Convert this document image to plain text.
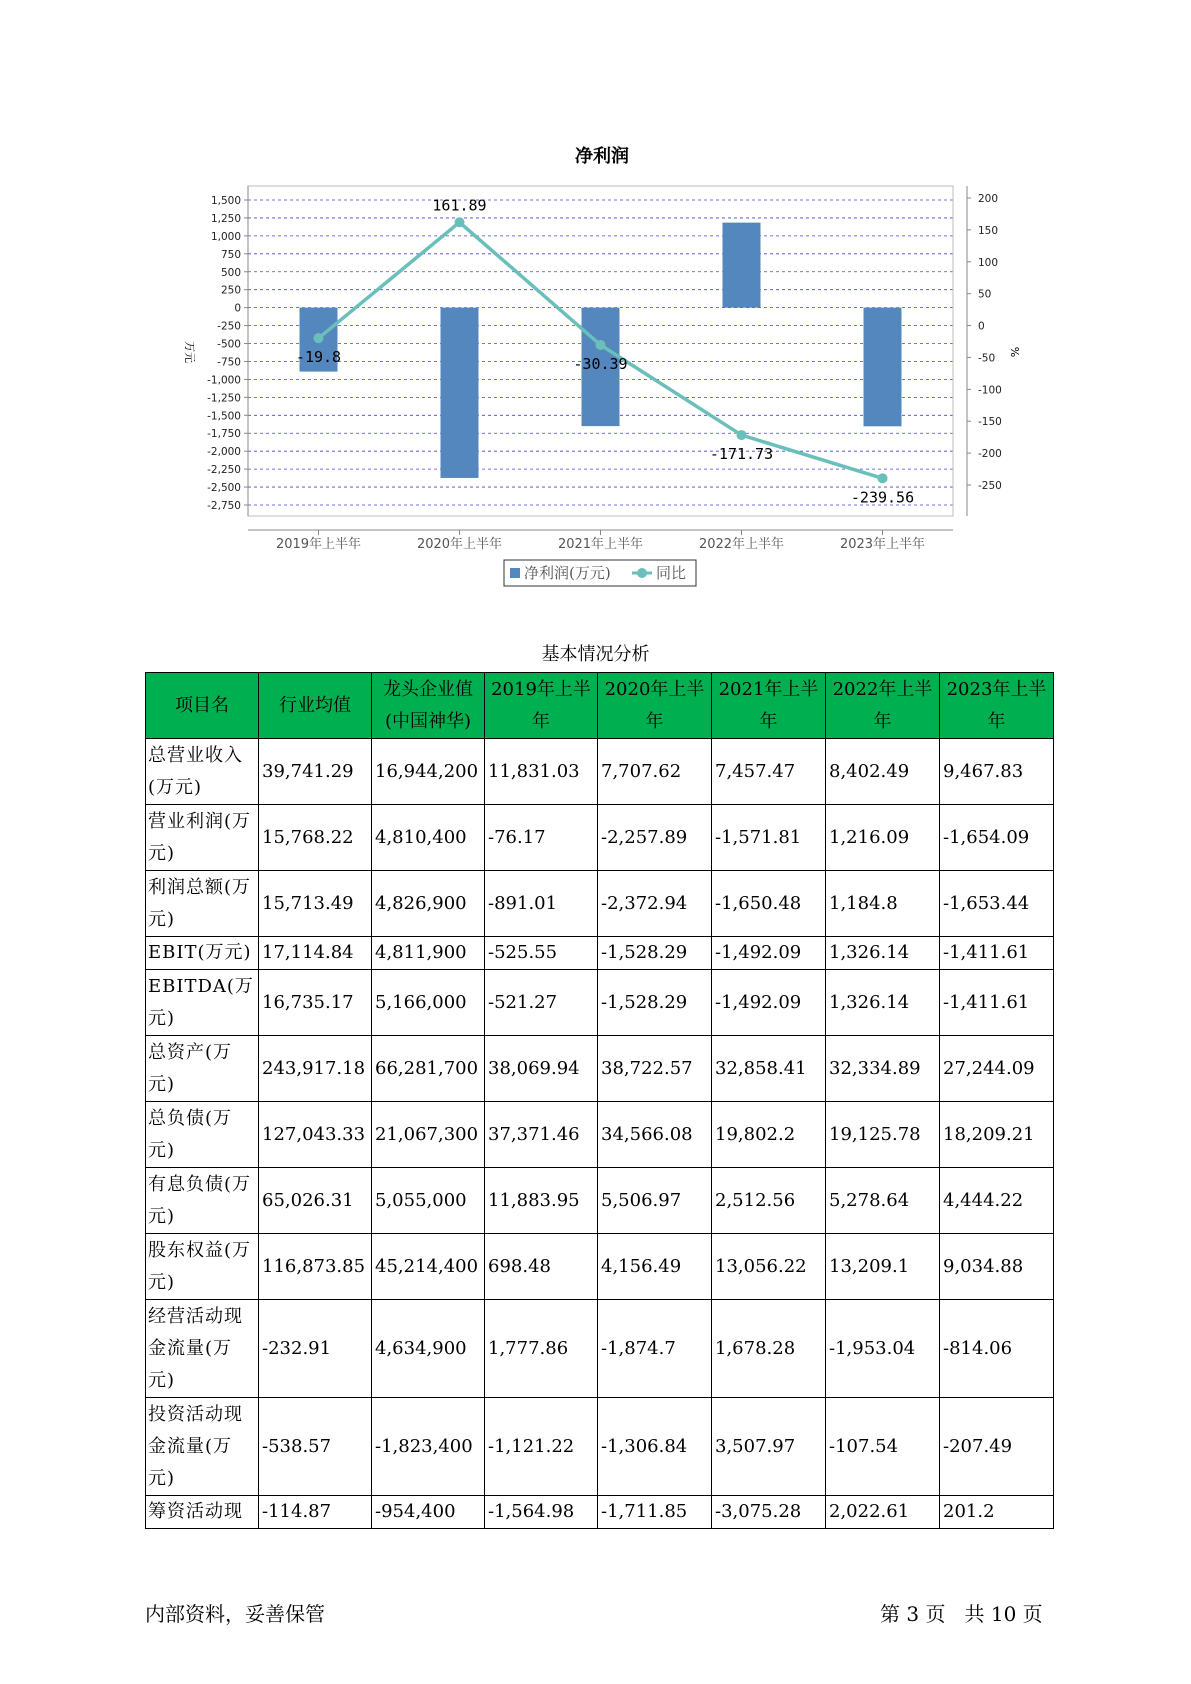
净利润
1,500
1,250
1,000
750
500
250
0
-250
-500
-750
-1,000
-1,250
-1,500
-1,750
-2,000
-2,250
-2,500
-2,750
200
150
100
50
0
-50
-100
-150
-200
-250
万元	%
2019年上半年	2020年上半年	2021年上半年	2022年上半年	2023年上半年
-19.8
161.89
-30.39
-171.73
-239.56
净利润(万元)	同比
基本情况分析
项目名	行业均值	龙头企业值(中国神华)	2019年上半年	2020年上半年	2021年上半年	2022年上半年	2023年上半年
总营业收入(万元)	39,741.29	16,944,200	11,831.03	7,707.62	7,457.47	8,402.49	9,467.83
营业利润(万元)	15,768.22	4,810,400	-76.17	-2,257.89	-1,571.81	1,216.09	-1,654.09
利润总额(万元)	15,713.49	4,826,900	-891.01	-2,372.94	-1,650.48	1,184.8	-1,653.44
EBIT(万元)	17,114.84	4,811,900	-525.55	-1,528.29	-1,492.09	1,326.14	-1,411.61
EBITDA(万元)	16,735.17	5,166,000	-521.27	-1,528.29	-1,492.09	1,326.14	-1,411.61
总资产(万元)	243,917.18	66,281,700	38,069.94	38,722.57	32,858.41	32,334.89	27,244.09
总负债(万元)	127,043.33	21,067,300	37,371.46	34,566.08	19,802.2	19,125.78	18,209.21
有息负债(万元)	65,026.31	5,055,000	11,883.95	5,506.97	2,512.56	5,278.64	4,444.22
股东权益(万元)	116,873.85	45,214,400	698.48	4,156.49	13,056.22	13,209.1	9,034.88
经营活动现金流量(万元)	-232.91	4,634,900	1,777.86	-1,874.7	1,678.28	-1,953.04	-814.06
投资活动现金流量(万元)	-538.57	-1,823,400	-1,121.22	-1,306.84	3,507.97	-107.54	-207.49
筹资活动现	-114.87	-954,400	-1,564.98	-1,711.85	-3,075.28	2,022.61	201.2
内部资料，妥善保管	第 3 页   共 10 页
